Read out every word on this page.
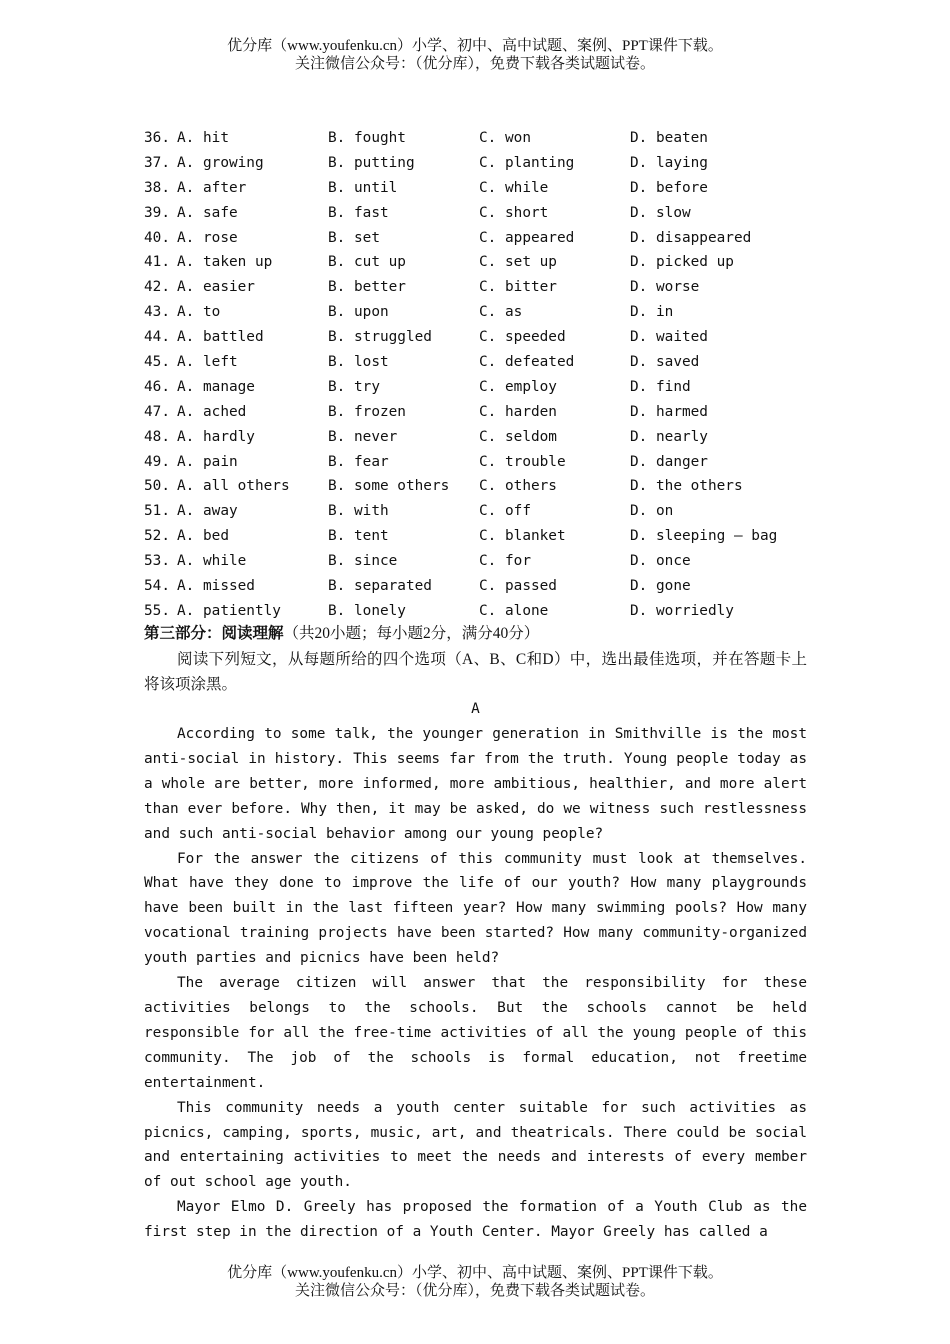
优分库（www.youfenku.cn）小学、初中、高中试题、案例、PPT课件下载。
关注微信公众号：（优分库），免费下载各类试题试卷。
36. A. hit	B. fought	C. won	D. beaten
37. A. growing	B. putting	C. planting	D. laying
38. A. after	B. until	C. while	D. before
39. A. safe	B. fast	C. short	D. slow
40. A. rose	B. set	C. appeared	D. disappeared
41. A. taken up	B. cut up	C. set up	D. picked up
42. A. easier	B. better	C. bitter	D. worse
43. A. to	B. upon	C. as	D. in
44. A. battled	B. struggled	C. speeded	D. waited
45. A. left	B. lost	C. defeated	D. saved
46. A. manage	B. try	C. employ	D. find
47. A. ached	B. frozen	C. harden	D. harmed
48. A. hardly	B. never	C. seldom	D. nearly
49. A. pain	B. fear	C. trouble	D. danger
50. A. all others	B. some others	C. others	D. the others
51. A. away	B. with	C. off	D. on
52. A. bed	B. tent	C. blanket	D. sleeping — bag
53. A. while	B. since	C. for	D. once
54. A. missed	B. separated	C. passed	D. gone
55. A. patiently	B. lonely	C. alone	D. worriedly
第三部分：阅读理解（共20小题；每小题2分，满分40分）
阅读下列短文，从每题所给的四个选项（A、B、C和D）中，选出最佳选项，并在答题卡上将该项涂黑。
A

According to some talk, the younger generation in Smithville is the most anti-social in history. This seems far from the truth. Young people today as a whole are better, more informed, more ambitious, healthier, and more alert than ever before. Why then, it may be asked, do we witness such restlessness and such anti-social behavior among our young people?

For the answer the citizens of this community must look at themselves. What have they done to improve the life of our youth? How many playgrounds have been built in the last fifteen year? How many swimming pools? How many vocational training projects have been started? How many community-organized youth parties and picnics have been held?

The average citizen will answer that the responsibility for these activities belongs to the schools. But the schools cannot be held responsible for all the free-time activities of all the young people of this community. The job of the schools is formal education, not freetime entertainment.

This community needs a youth center suitable for such activities as picnics, camping, sports, music, art, and theatricals. There could be social and entertaining activities to meet the needs and interests of every member of out school age youth.

Mayor Elmo D. Greely has proposed the formation of a Youth Club as the first step in the direction of a Youth Center. Mayor Greely has called a

优分库（www.youfenku.cn）小学、初中、高中试题、案例、PPT课件下载。
关注微信公众号：（优分库），免费下载各类试题试卷。
